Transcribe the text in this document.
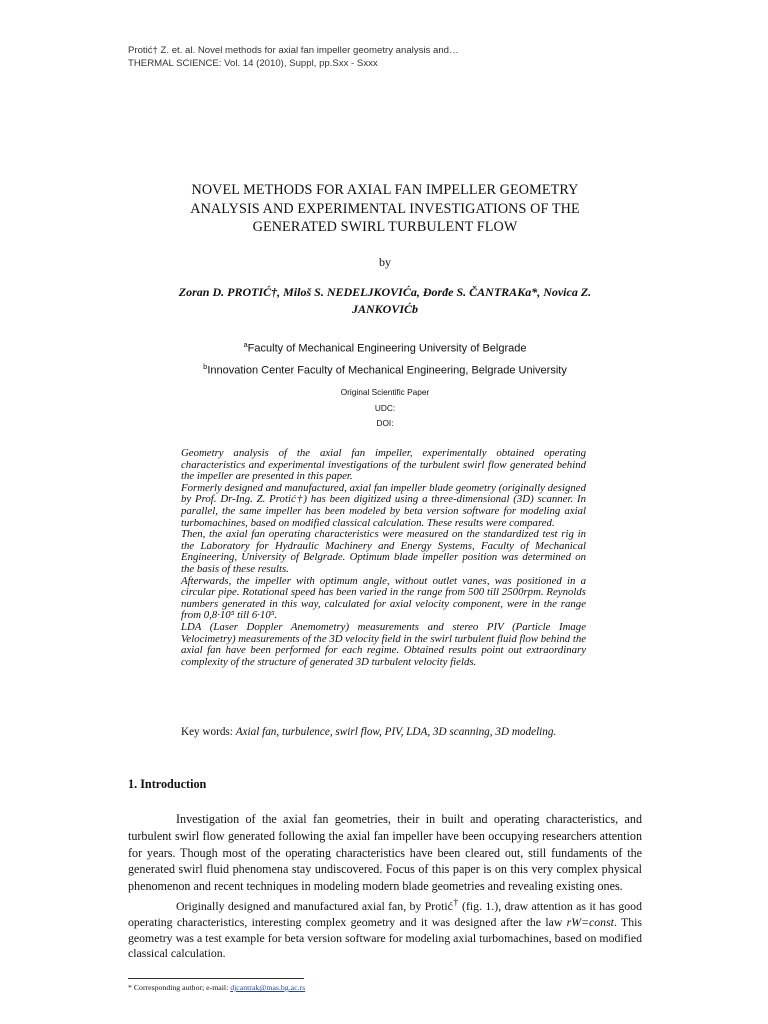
Protić† Z. et. al. Novel methods for axial fan impeller geometry analysis and…
THERMAL SCIENCE: Vol. 14 (2010), Suppl, pp.Sxx - Sxxx
NOVEL METHODS FOR AXIAL FAN IMPELLER GEOMETRY
ANALYSIS AND EXPERIMENTAL INVESTIGATIONS OF THE
GENERATED SWIRL TURBULENT FLOW
by
Zoran D. PROTIĆ†, Miloš S. NEDELJKOVIĆa, Đorđe S. ČANTRAKa*, Novica Z.
JANKOVIĆb
$^a$Faculty of Mechanical Engineering University of Belgrade
$^b$Innovation Center Faculty of Mechanical Engineering, Belgrade University
Original Scientific Paper
UDC:
DOI:

Geometry analysis of the axial fan impeller, experimentally obtained operating characteristics and experimental investigations of the turbulent swirl flow generated behind the impeller are presented in this paper.

Formerly designed and manufactured, axial fan impeller blade geometry (originally designed by Prof. Dr-Ing. Z. Protić†) has been digitized using a three-dimensional (3D) scanner. In parallel, the same impeller has been modeled by beta version software for modeling axial turbomachines, based on modified classical calculation. These results were compared.

Then, the axial fan operating characteristics were measured on the standardized test rig in the Laboratory for Hydraulic Machinery and Energy Systems, Faculty of Mechanical Engineering, University of Belgrade. Optimum blade impeller position was determined on the basis of these results.

Afterwards, the impeller with optimum angle, without outlet vanes, was positioned in a circular pipe. Rotational speed has been varied in the range from 500 till 2500rpm. Reynolds numbers generated in this way, calculated for axial velocity component, were in the range from 0,8·10⁵ till 6·10⁵.

LDA (Laser Doppler Anemometry) measurements and stereo PIV (Particle Image Velocimetry) measurements of the 3D velocity field in the swirl turbulent fluid flow behind the axial fan have been performed for each regime. Obtained results point out extraordinary complexity of the structure of generated 3D turbulent velocity fields.

Key words: Axial fan, turbulence, swirl flow, PIV, LDA, 3D scanning, 3D modeling.
1. Introduction

Investigation of the axial fan geometries, their in built and operating characteristics, and turbulent swirl flow generated following the axial fan impeller have been occupying researchers attention for years. Though most of the operating characteristics have been cleared out, still fundaments of the generated swirl fluid phenomena stay undiscovered. Focus of this paper is on this very complex physical phenomenon and recent techniques in modeling modern blade geometries and revealing existing ones.

Originally designed and manufactured axial fan, by Protić† (fig. 1.), draw attention as it has good operating characteristics, interesting complex geometry and it was designed after the law rW=const. This geometry was a test example for beta version software for modeling axial turbomachines, based on modified classical calculation.

* Corresponding author; e-mail: djcantrak@mas.bg.ac.rs
